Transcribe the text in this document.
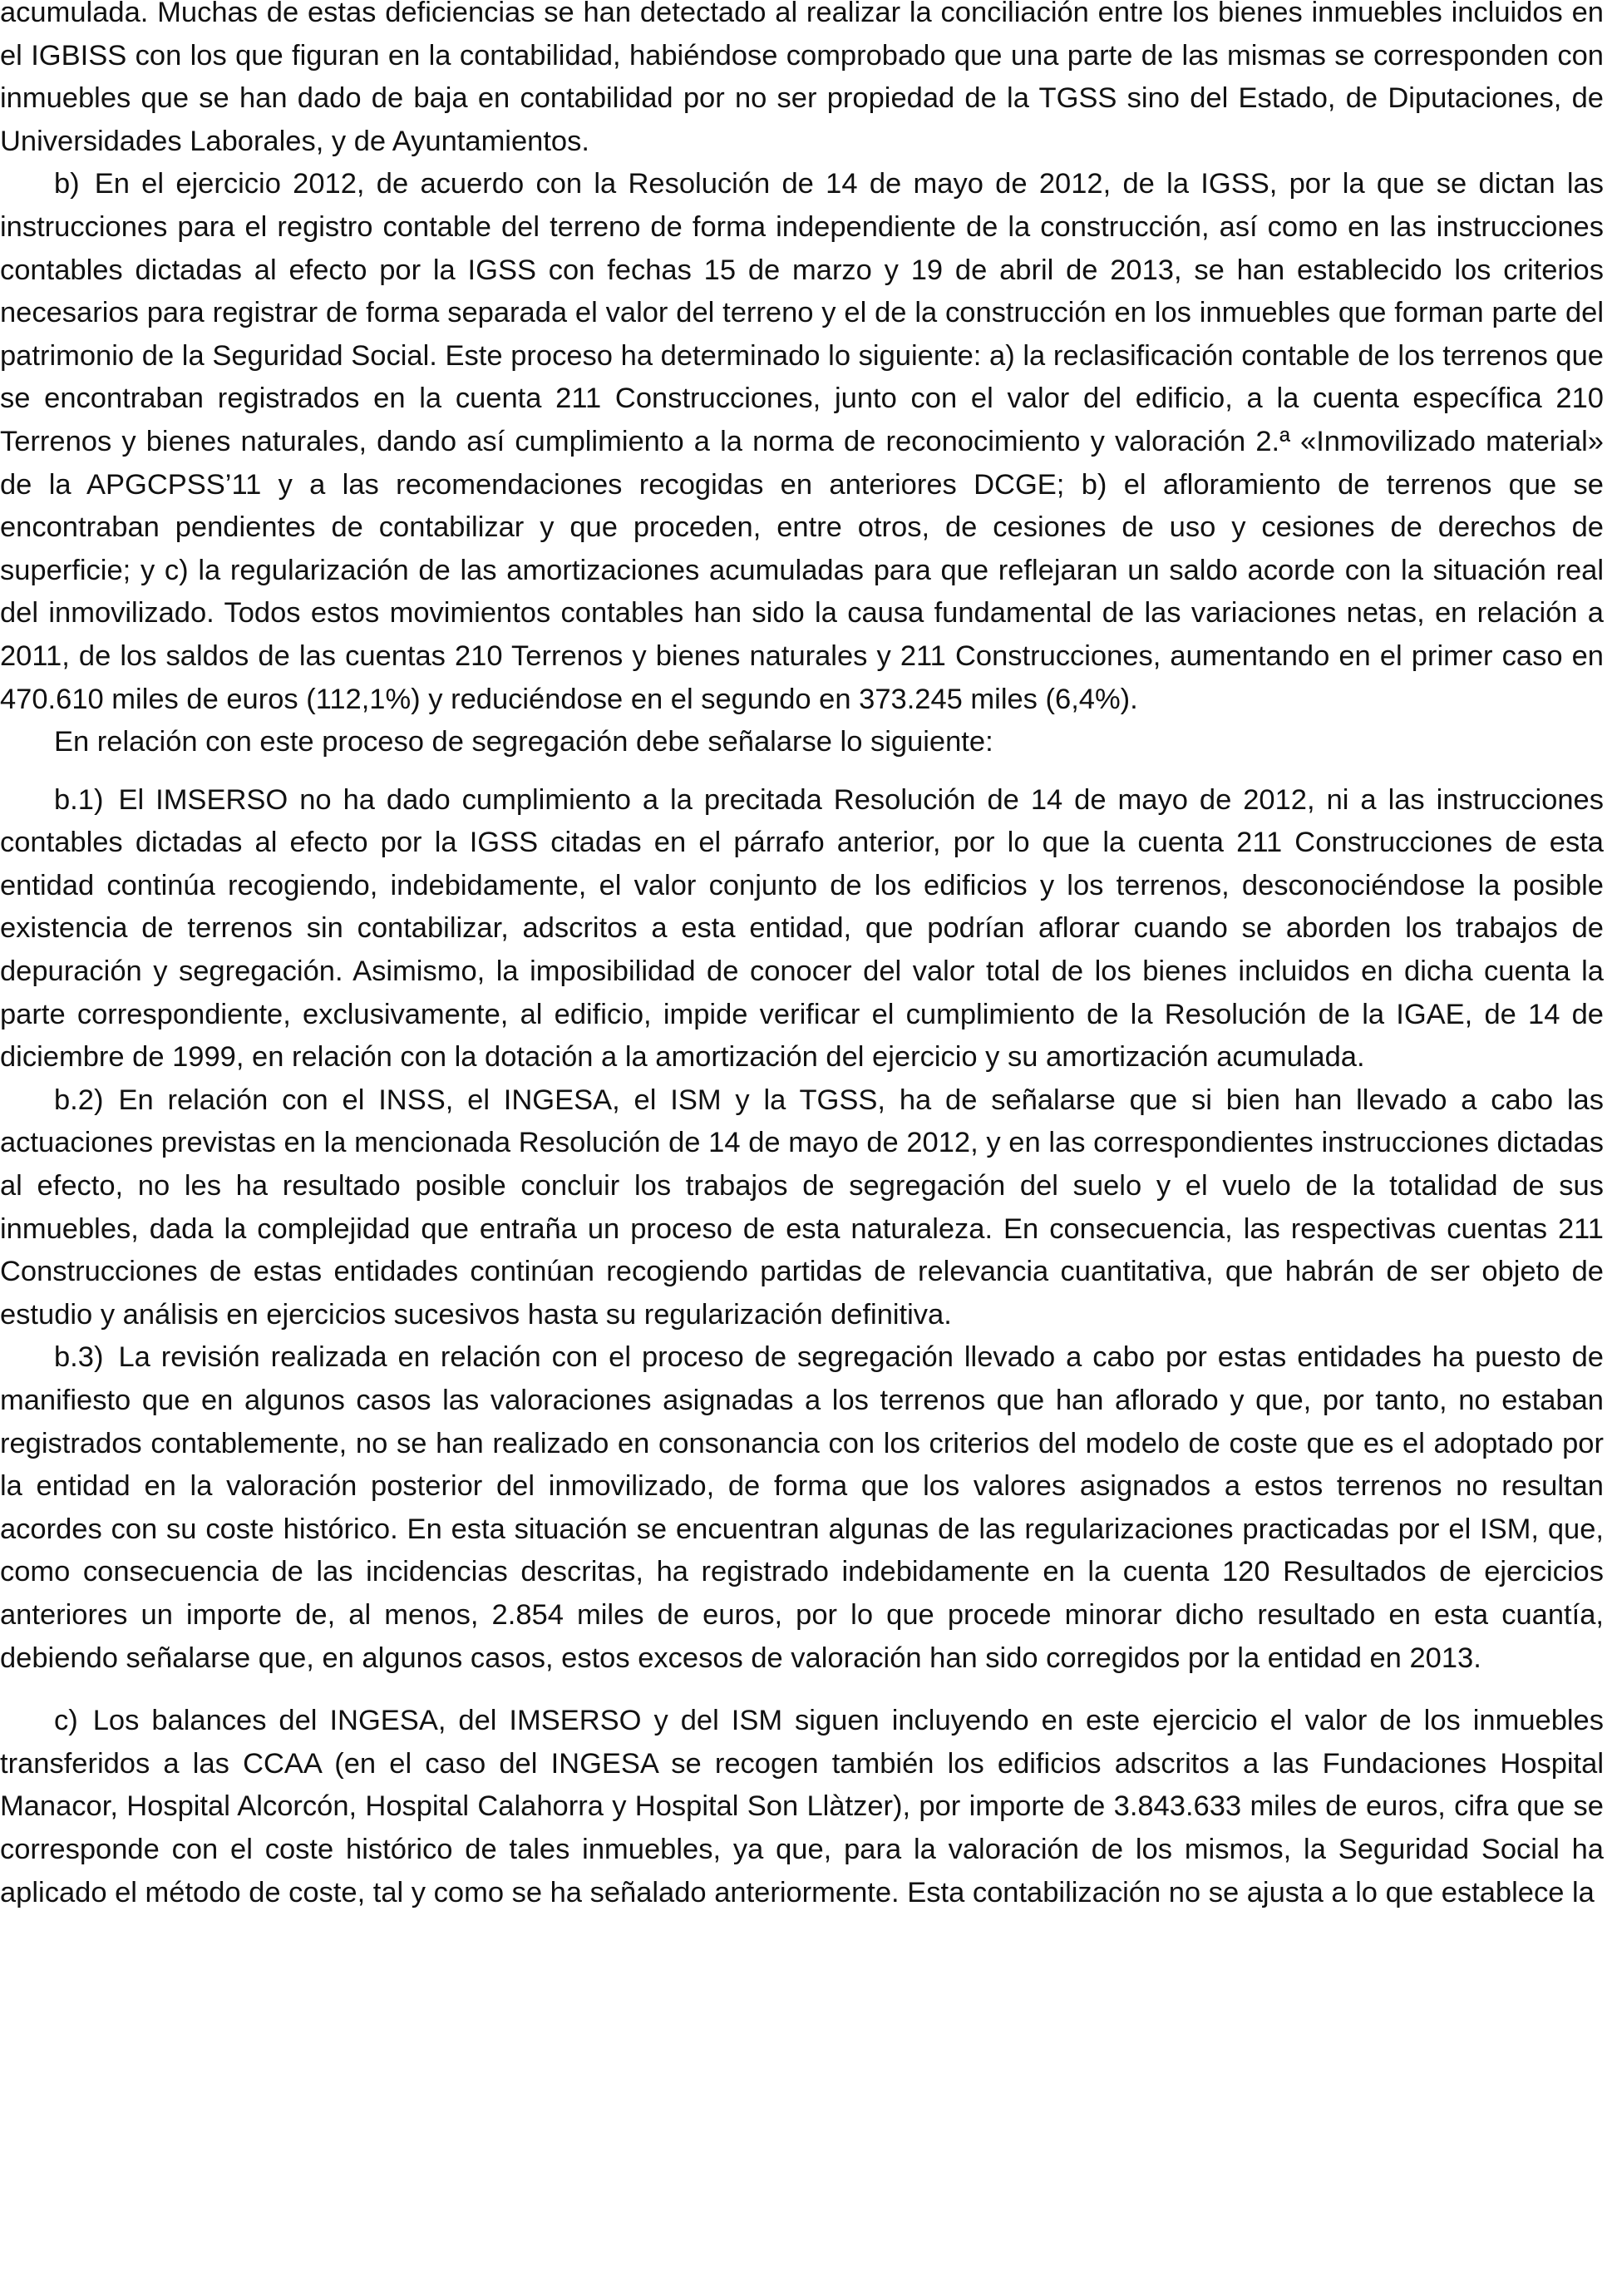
acumulada. Muchas de estas deficiencias se han detectado al realizar la conciliación entre los bienes inmuebles incluidos en el IGBISS con los que figuran en la contabilidad, habiéndose comprobado que una parte de las mismas se corresponden con inmuebles que se han dado de baja en contabilidad por no ser propiedad de la TGSS sino del Estado, de Diputaciones, de Universidades Laborales, y de Ayuntamientos.

b) En el ejercicio 2012, de acuerdo con la Resolución de 14 de mayo de 2012, de la IGSS, por la que se dictan las instrucciones para el registro contable del terreno de forma independiente de la construcción, así como en las instrucciones contables dictadas al efecto por la IGSS con fechas 15 de marzo y 19 de abril de 2013, se han establecido los criterios necesarios para registrar de forma separada el valor del terreno y el de la construcción en los inmuebles que forman parte del patrimonio de la Seguridad Social. Este proceso ha determinado lo siguiente: a) la reclasificación contable de los terrenos que se encontraban registrados en la cuenta 211 Construcciones, junto con el valor del edificio, a la cuenta específica 210 Terrenos y bienes naturales, dando así cumplimiento a la norma de reconocimiento y valoración 2.ª «Inmovilizado material» de la APGCPSS’11 y a las recomendaciones recogidas en anteriores DCGE; b) el afloramiento de terrenos que se encontraban pendientes de contabilizar y que proceden, entre otros, de cesiones de uso y cesiones de derechos de superficie; y c) la regularización de las amortizaciones acumuladas para que reflejaran un saldo acorde con la situación real del inmovilizado. Todos estos movimientos contables han sido la causa fundamental de las variaciones netas, en relación a 2011, de los saldos de las cuentas 210 Terrenos y bienes naturales y 211 Construcciones, aumentando en el primer caso en 470.610 miles de euros (112,1%) y reduciéndose en el segundo en 373.245 miles (6,4%).

En relación con este proceso de segregación debe señalarse lo siguiente:

b.1) El IMSERSO no ha dado cumplimiento a la precitada Resolución de 14 de mayo de 2012, ni a las instrucciones contables dictadas al efecto por la IGSS citadas en el párrafo anterior, por lo que la cuenta 211 Construcciones de esta entidad continúa recogiendo, indebidamente, el valor conjunto de los edificios y los terrenos, desconociéndose la posible existencia de terrenos sin contabilizar, adscritos a esta entidad, que podrían aflorar cuando se aborden los trabajos de depuración y segregación. Asimismo, la imposibilidad de conocer del valor total de los bienes incluidos en dicha cuenta la parte correspondiente, exclusivamente, al edificio, impide verificar el cumplimiento de la Resolución de la IGAE, de 14 de diciembre de 1999, en relación con la dotación a la amortización del ejercicio y su amortización acumulada.

b.2) En relación con el INSS, el INGESA, el ISM y la TGSS, ha de señalarse que si bien han llevado a cabo las actuaciones previstas en la mencionada Resolución de 14 de mayo de 2012, y en las correspondientes instrucciones dictadas al efecto, no les ha resultado posible concluir los trabajos de segregación del suelo y el vuelo de la totalidad de sus inmuebles, dada la complejidad que entraña un proceso de esta naturaleza. En consecuencia, las respectivas cuentas 211 Construcciones de estas entidades continúan recogiendo partidas de relevancia cuantitativa, que habrán de ser objeto de estudio y análisis en ejercicios sucesivos hasta su regularización definitiva.

b.3) La revisión realizada en relación con el proceso de segregación llevado a cabo por estas entidades ha puesto de manifiesto que en algunos casos las valoraciones asignadas a los terrenos que han aflorado y que, por tanto, no estaban registrados contablemente, no se han realizado en consonancia con los criterios del modelo de coste que es el adoptado por la entidad en la valoración posterior del inmovilizado, de forma que los valores asignados a estos terrenos no resultan acordes con su coste histórico. En esta situación se encuentran algunas de las regularizaciones practicadas por el ISM, que, como consecuencia de las incidencias descritas, ha registrado indebidamente en la cuenta 120 Resultados de ejercicios anteriores un importe de, al menos, 2.854 miles de euros, por lo que procede minorar dicho resultado en esta cuantía, debiendo señalarse que, en algunos casos, estos excesos de valoración han sido corregidos por la entidad en 2013.

c) Los balances del INGESA, del IMSERSO y del ISM siguen incluyendo en este ejercicio el valor de los inmuebles transferidos a las CCAA (en el caso del INGESA se recogen también los edificios adscritos a las Fundaciones Hospital Manacor, Hospital Alcorcón, Hospital Calahorra y Hospital Son Llàtzer), por importe de 3.843.633 miles de euros, cifra que se corresponde con el coste histórico de tales inmuebles, ya que, para la valoración de los mismos, la Seguridad Social ha aplicado el método de coste, tal y como se ha señalado anteriormente. Esta contabilización no se ajusta a lo que establece la
